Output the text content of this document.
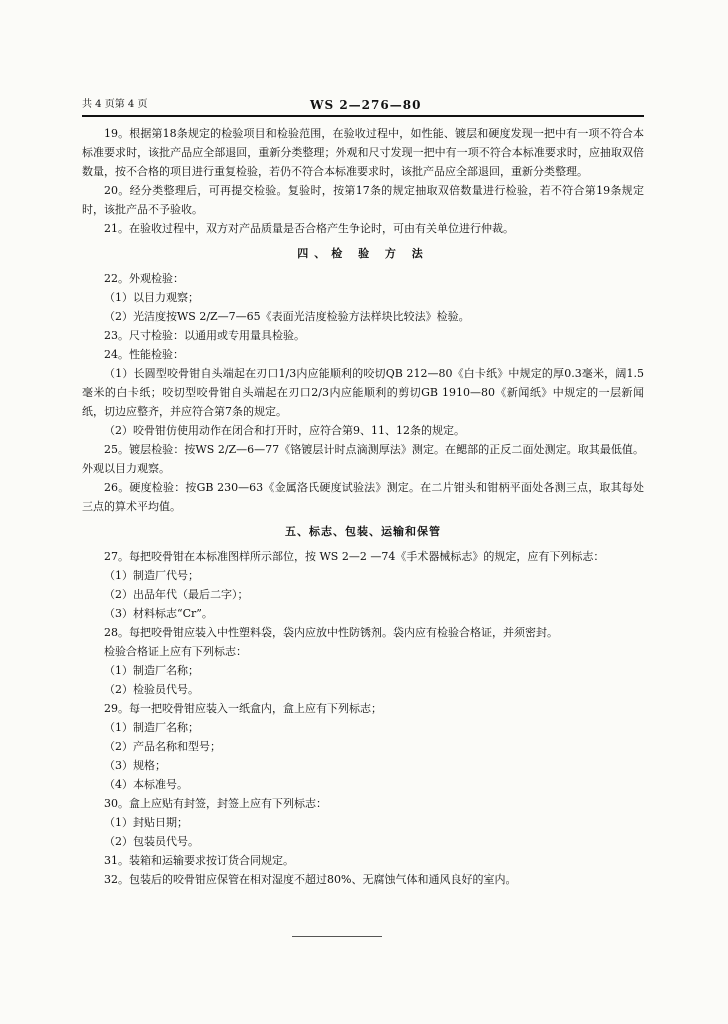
共 4 页第 4 页	WS 2—276—80

19。根据第18条规定的检验项目和检验范围，在验收过程中，如性能、镀层和硬度发现一把中有一项不符合本标准要求时，该批产品应全部退回，重新分类整理；外观和尺寸发现一把中有一项不符合本标准要求时，应抽取双倍数量，按不合格的项目进行重复检验，若仍不符合本标准要求时，该批产品应全部退回，重新分类整理。

20。经分类整理后，可再提交检验。复验时，按第17条的规定抽取双倍数量进行检验，若不符合第19条规定时，该批产品不予验收。

21。在验收过程中，双方对产品质量是否合格产生争论时，可由有关单位进行仲裁。

四、检 验 方 法

22。外观检验：

（1）以目力观察；

（2）光洁度按WS 2/Z—7—65《表面光洁度检验方法样块比较法》检验。

23。尺寸检验：以通用或专用量具检验。

24。性能检验：

（1）长圆型咬骨钳自头端起在刃口1/3内应能顺利的咬切QB 212—80《白卡纸》中规定的厚0.3毫米，阔1.5毫米的白卡纸；咬切型咬骨钳自头端起在刃口2/3内应能顺利的剪切GB 1910—80《新闻纸》中规定的一层新闻纸，切边应整齐，并应符合第7条的规定。

（2）咬骨钳仿使用动作在闭合和打开时，应符合第9、11、12条的规定。

25。镀层检验：按WS 2/Z—6—77《铬镀层计时点滴测厚法》测定。在鳃部的正反二面处测定。取其最低值。外观以目力观察。

26。硬度检验：按GB 230—63《金属洛氏硬度试验法》测定。在二片钳头和钳柄平面处各测三点，取其每处三点的算术平均值。

五、标志、包装、运输和保管

27。每把咬骨钳在本标准图样所示部位，按 WS 2—2 —74《手术器械标志》的规定，应有下列标志：

（1）制造厂代号；

（2）出品年代（最后二字）；

（3）材料标志“Cr”。

28。每把咬骨钳应装入中性塑料袋，袋内应放中性防锈剂。袋内应有检验合格证，并须密封。

检验合格证上应有下列标志：

（1）制造厂名称；

（2）检验员代号。

29。每一把咬骨钳应装入一纸盒内，盒上应有下列标志；

（1）制造厂名称；

（2）产品名称和型号；

（3）规格；

（4）本标准号。

30。盒上应贴有封签，封签上应有下列标志：

（1）封贴日期；

（2）包装员代号。

31。装箱和运输要求按订货合同规定。

32。包装后的咬骨钳应保管在相对湿度不超过80%、无腐蚀气体和通风良好的室内。
